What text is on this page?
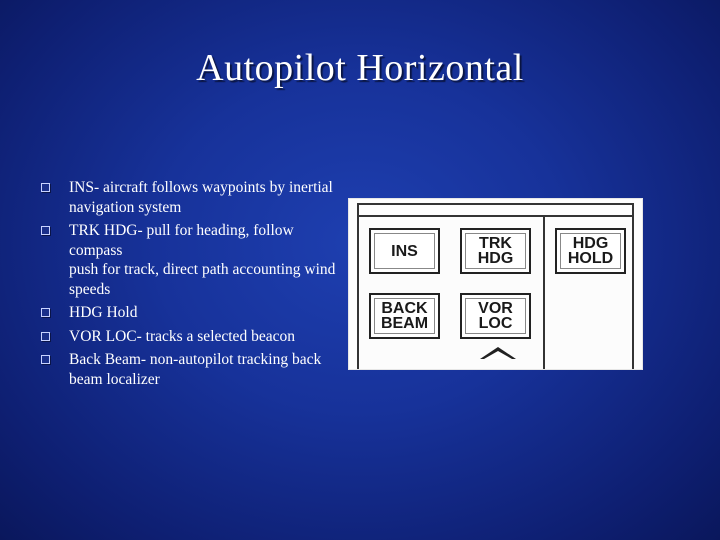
Autopilot Horizontal
INS- aircraft follows waypoints by inertial navigation system
TRK HDG- pull for heading, follow compass
push for track, direct path accounting wind speeds
HDG Hold
VOR LOC- tracks a selected beacon
Back Beam- non-autopilot tracking back beam localizer
INS	TRK
HDG
HDG
HOLD
BACK
BEAM
VOR
LOC
